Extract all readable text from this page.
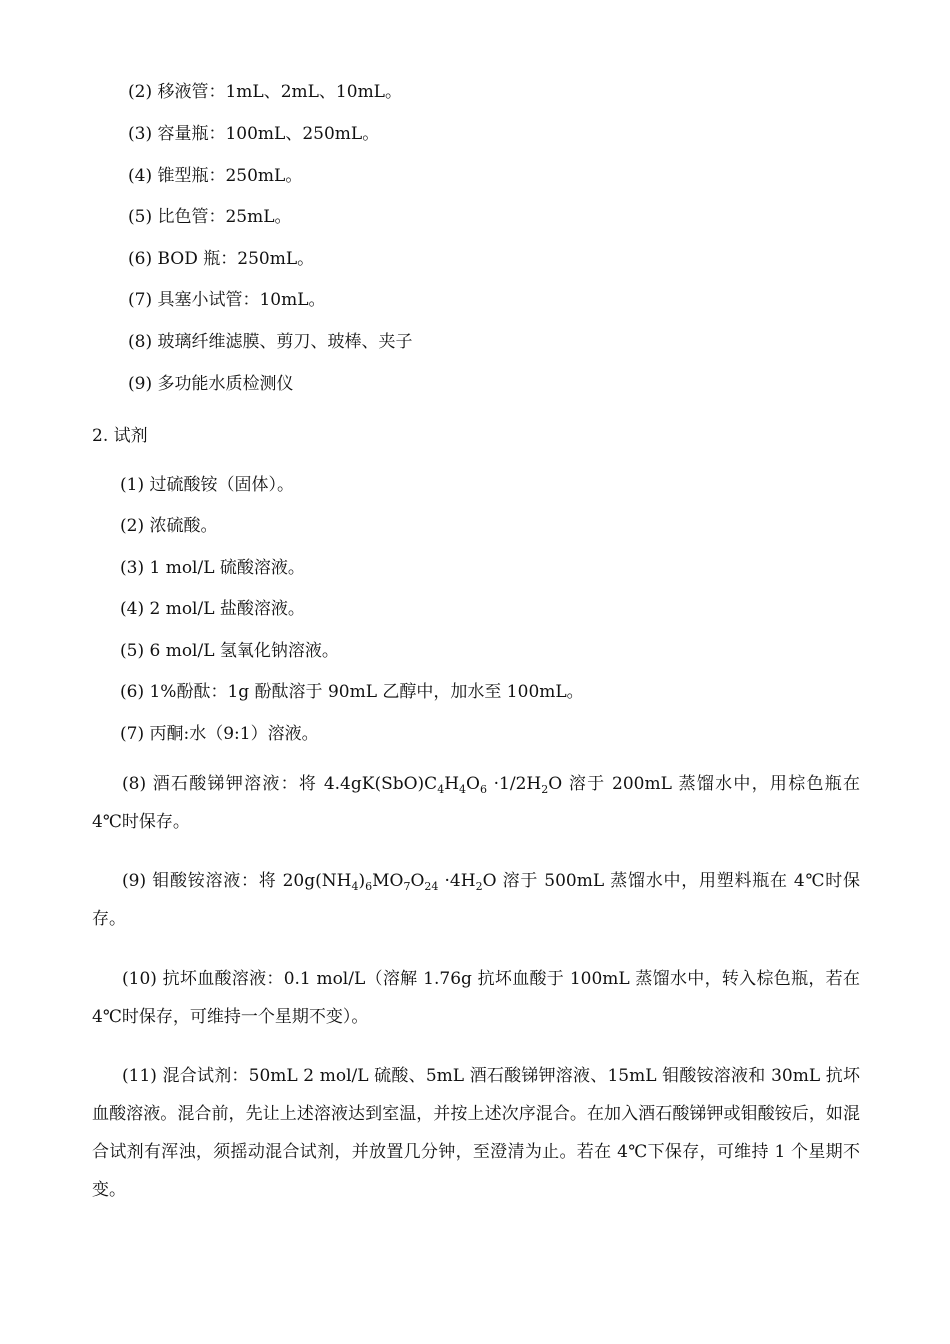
(2) 移液管：1mL、2mL、10mL。
(3) 容量瓶：100mL、250mL。
(4) 锥型瓶：250mL。
(5) 比色管：25mL。
(6) BOD 瓶：250mL。
(7) 具塞小试管：10mL。
(8) 玻璃纤维滤膜、剪刀、玻棒、夹子
(9) 多功能水质检测仪
2. 试剂
(1) 过硫酸铵（固体）。
(2) 浓硫酸。
(3) 1 mol/L 硫酸溶液。
(4) 2 mol/L 盐酸溶液。
(5) 6 mol/L 氢氧化钠溶液。
(6) 1%酚酞：1g 酚酞溶于 90mL 乙醇中，加水至 100mL。
(7) 丙酮:水（9:1）溶液。
(8) 酒石酸锑钾溶液：将 $4.4gK(SbO)C_4H_4O_6 \cdot 1/2H_2O$ 溶于 200mL 蒸馏水中，用棕色瓶在 4℃时保存。
(9) 钼酸铵溶液：将 $20g(NH_4)_6MO_7O_{24} \cdot 4H_2O$ 溶于 500mL 蒸馏水中，用塑料瓶在 4℃时保存。
(10) 抗坏血酸溶液：0.1 mol/L（溶解 1.76g 抗坏血酸于 100mL 蒸馏水中，转入棕色瓶，若在 4℃时保存，可维持一个星期不变）。
(11) 混合试剂：50mL 2 mol/L 硫酸、5mL 酒石酸锑钾溶液、15mL 钼酸铵溶液和 30mL 抗坏血酸溶液。混合前，先让上述溶液达到室温，并按上述次序混合。在加入酒石酸锑钾或钼酸铵后，如混合试剂有浑浊，须摇动混合试剂，并放置几分钟，至澄清为止。若在 4℃下保存，可维持 1 个星期不变。
